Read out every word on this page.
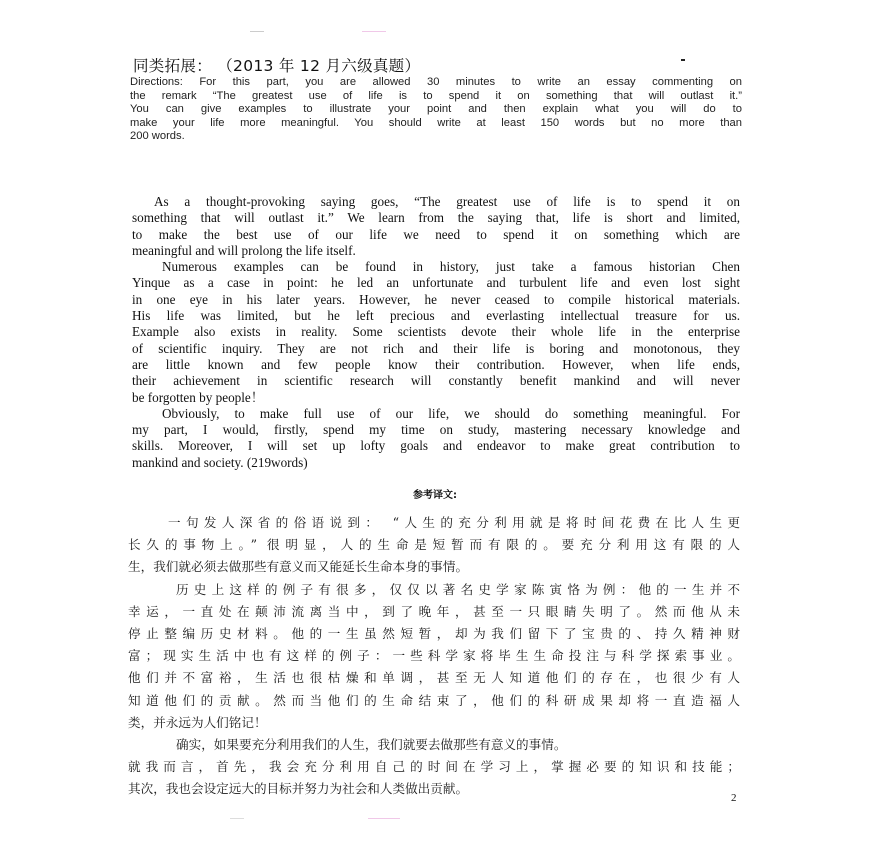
同类拓展： （2013 年 12 月六级真题）
Directions: For this part, you are allowed 30 minutes to write an essay commenting on
the remark “The greatest use of life is to spend it on something that will outlast it.”
You can give examples to illustrate your point and then explain what you will do to
make your life more meaningful. You should write at least 150 words but no more than
200 words.
As a thought-provoking saying goes, “The greatest use of life is to spend it on
something that will outlast it.” We learn from the saying that, life is short and limited,
to make the best use of our life we need to spend it on something which are
meaningful and will prolong the life itself.
Numerous examples can be found in history, just take a famous historian Chen
Yinque as a case in point: he led an unfortunate and turbulent life and even lost sight
in one eye in his later years. However, he never ceased to compile historical materials.
His life was limited, but he left precious and everlasting intellectual treasure for us.
Example also exists in reality. Some scientists devote their whole life in the enterprise
of scientific inquiry. They are not rich and their life is boring and monotonous, they
are little known and few people know their contribution. However, when life ends,
their achievement in scientific research will constantly benefit mankind and will never
be forgotten by people！
Obviously, to make full use of our life, we should do something meaningful. For
my part, I would, firstly, spend my time on study, mastering necessary knowledge and
skills. Moreover, I will set up lofty goals and endeavor to make great contribution to
mankind and society. (219words)
参考译文:
一句发人深省的俗语说到： “人生的充分利用就是将时间花费在比人生更
长久的事物上。” 很明显，人的生命是短暂而有限的。要充分利用这有限的人
生，我们就必须去做那些有意义而又能延长生命本身的事情。
历史上这样的例子有很多，仅仅以著名史学家陈寅恪为例：他的一生并不
幸运，一直处在颠沛流离当中，到了晚年，甚至一只眼睛失明了。然而他从未
停止整编历史材料。他的一生虽然短暂，却为我们留下了宝贵的、持久精神财
富；现实生活中也有这样的例子：一些科学家将毕生生命投注与科学探索事业。
他们并不富裕，生活也很枯燥和单调，甚至无人知道他们的存在，也很少有人
知道他们的贡献。然而当他们的生命结束了，他们的科研成果却将一直造福人
类，并永远为人们铭记！
确实，如果要充分利用我们的人生，我们就要去做那些有意义的事情。
就我而言，首先，我会充分利用自己的时间在学习上，掌握必要的知识和技能；
其次，我也会设定远大的目标并努力为社会和人类做出贡献。
2
